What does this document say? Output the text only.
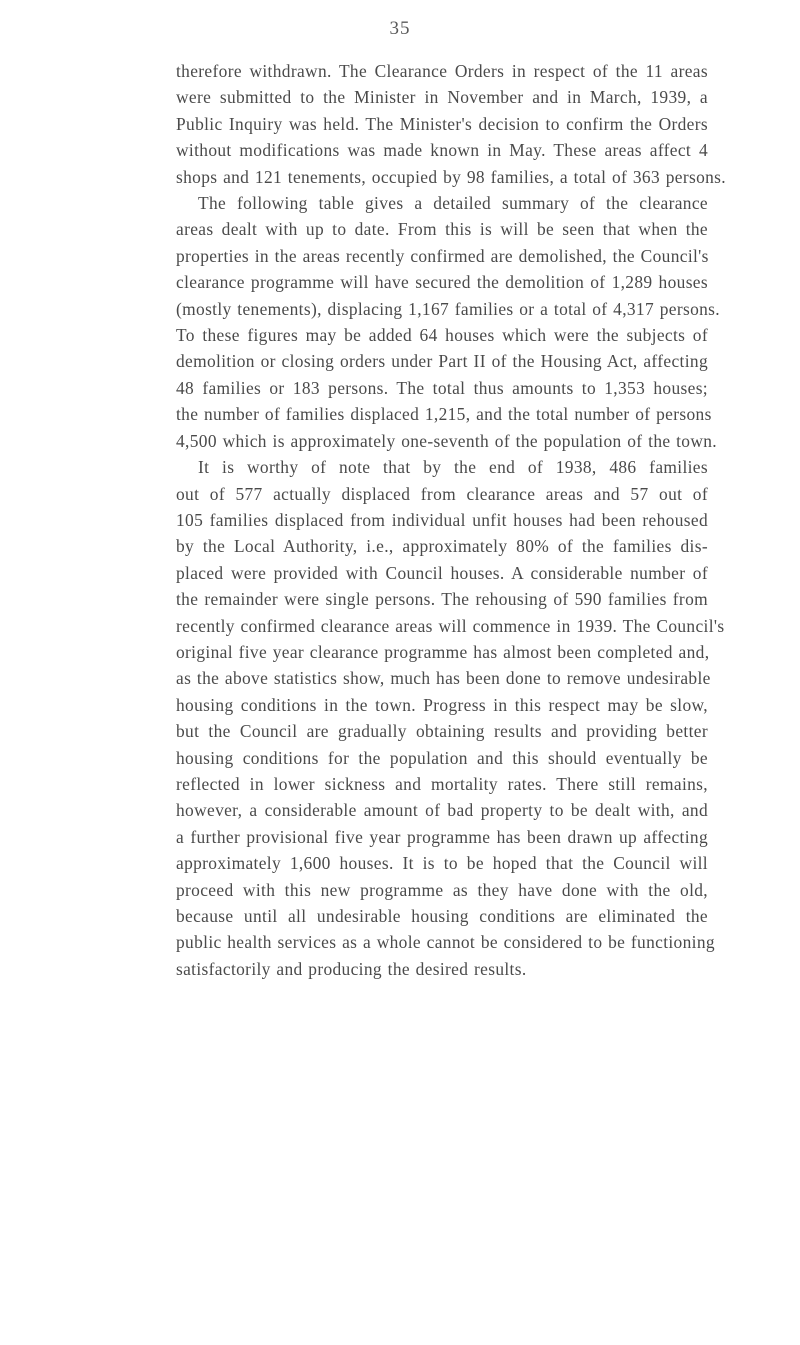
35

therefore withdrawn. The Clearance Orders in respect of the 11 areas
were submitted to the Minister in November and in March, 1939, a
Public Inquiry was held. The Minister's decision to confirm the Orders
without modifications was made known in May. These areas affect 4
shops and 121 tenements, occupied by 98 families, a total of 363 persons.

The following table gives a detailed summary of the clearance
areas dealt with up to date. From this is will be seen that when the
properties in the areas recently confirmed are demolished, the Council's
clearance programme will have secured the demolition of 1,289 houses
(mostly tenements), displacing 1,167 families or a total of 4,317 persons.
To these figures may be added 64 houses which were the subjects of
demolition or closing orders under Part II of the Housing Act, affecting
48 families or 183 persons. The total thus amounts to 1,353 houses;
the number of families displaced 1,215, and the total number of persons
4,500 which is approximately one-seventh of the population of the town.

It is worthy of note that by the end of 1938, 486 families
out of 577 actually displaced from clearance areas and 57 out of
105 families displaced from individual unfit houses had been rehoused
by the Local Authority, i.e., approximately 80% of the families dis-
placed were provided with Council houses. A considerable number of
the remainder were single persons. The rehousing of 590 families from
recently confirmed clearance areas will commence in 1939. The Council's
original five year clearance programme has almost been completed and,
as the above statistics show, much has been done to remove undesirable
housing conditions in the town. Progress in this respect may be slow,
but the Council are gradually obtaining results and providing better
housing conditions for the population and this should eventually be
reflected in lower sickness and mortality rates. There still remains,
however, a considerable amount of bad property to be dealt with, and
a further provisional five year programme has been drawn up affecting
approximately 1,600 houses. It is to be hoped that the Council will
proceed with this new programme as they have done with the old,
because until all undesirable housing conditions are eliminated the
public health services as a whole cannot be considered to be functioning
satisfactorily and producing the desired results.
